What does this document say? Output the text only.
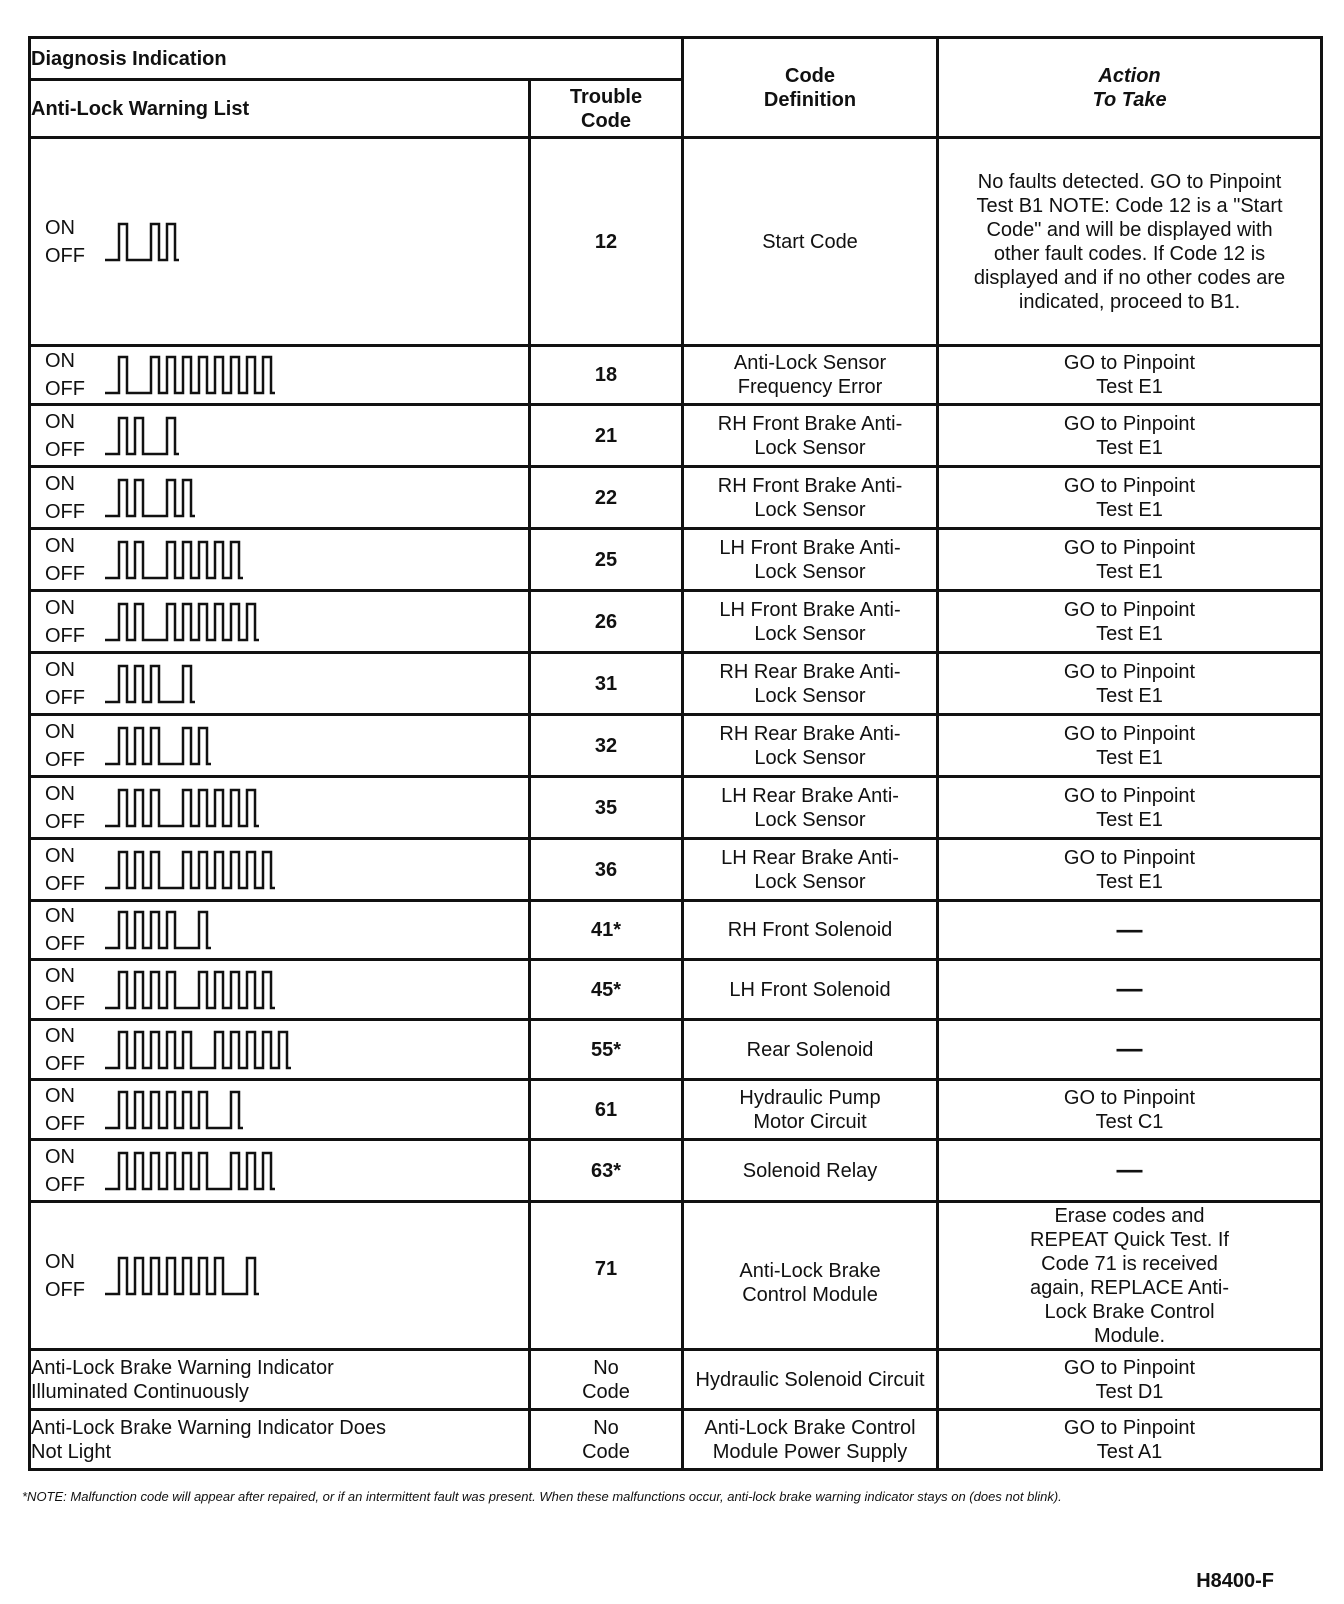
Diagnosis Indication		Code Definition	Action To Take
Anti-Lock Warning List	Trouble Code		

ON
OFF	12	Start Code	No faults detected. GO to Pinpoint Test B1 NOTE: Code 12 is a "Start Code" and will be displayed with other fault codes. If Code 12 is displayed and if no other codes are indicated, proceed to B1.

ON
OFF	18	Anti-Lock Sensor Frequency Error	GO to Pinpoint Test E1

ON
OFF	21	RH Front Brake Anti-Lock Sensor	GO to Pinpoint Test E1

ON
OFF	22	RH Front Brake Anti-Lock Sensor	GO to Pinpoint Test E1

ON
OFF	25	LH Front Brake Anti-Lock Sensor	GO to Pinpoint Test E1

ON
OFF	26	LH Front Brake Anti-Lock Sensor	GO to Pinpoint Test E1

ON
OFF	31	RH Rear Brake Anti-Lock Sensor	GO to Pinpoint Test E1

ON
OFF	32	RH Rear Brake Anti-Lock Sensor	GO to Pinpoint Test E1

ON
OFF	35	LH Rear Brake Anti-Lock Sensor	GO to Pinpoint Test E1

ON
OFF	36	LH Rear Brake Anti-Lock Sensor	GO to Pinpoint Test E1

ON
OFF	41*	RH Front Solenoid	—

ON
OFF	45*	LH Front Solenoid	—

ON
OFF	55*	Rear Solenoid	—

ON
OFF	61	Hydraulic Pump Motor Circuit	GO to Pinpoint Test C1

ON
OFF	63*	Solenoid Relay	—

ON
OFF	71	Anti-Lock Brake Control Module	Erase codes and REPEAT Quick Test. If Code 71 is received again, REPLACE Anti-Lock Brake Control Module.
Anti-Lock Brake Warning Indicator Illuminated Continuously	No Code	Hydraulic Solenoid Circuit	GO to Pinpoint Test D1
Anti-Lock Brake Warning Indicator Does Not Light	No Code	Anti-Lock Brake Control Module Power Supply	GO to Pinpoint Test A1
*NOTE: Malfunction code will appear after repaired, or if an intermittent fault was present. When these malfunctions occur, anti-lock brake warning indicator stays on (does not blink).
H8400-F
